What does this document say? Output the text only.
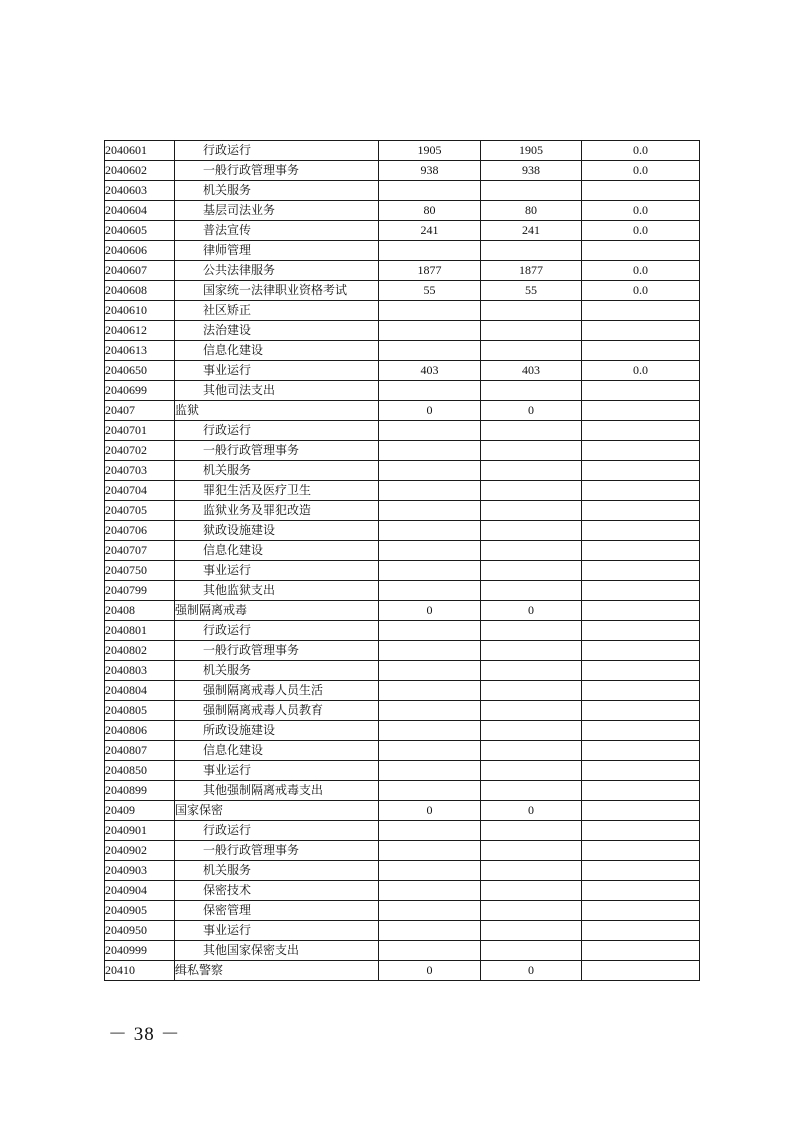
2040601	行政运行	1905	1905	0.0
2040602	一般行政管理事务	938	938	0.0
2040603	机关服务			
2040604	基层司法业务	80	80	0.0
2040605	普法宣传	241	241	0.0
2040606	律师管理			
2040607	公共法律服务	1877	1877	0.0
2040608	国家统一法律职业资格考试	55	55	0.0
2040610	社区矫正			
2040612	法治建设			
2040613	信息化建设			
2040650	事业运行	403	403	0.0
2040699	其他司法支出			
20407	监狱	0	0	
2040701	行政运行			
2040702	一般行政管理事务			
2040703	机关服务			
2040704	罪犯生活及医疗卫生			
2040705	监狱业务及罪犯改造			
2040706	狱政设施建设			
2040707	信息化建设			
2040750	事业运行			
2040799	其他监狱支出			
20408	强制隔离戒毒	0	0	
2040801	行政运行			
2040802	一般行政管理事务			
2040803	机关服务			
2040804	强制隔离戒毒人员生活			
2040805	强制隔离戒毒人员教育			
2040806	所政设施建设			
2040807	信息化建设			
2040850	事业运行			
2040899	其他强制隔离戒毒支出			
20409	国家保密	0	0	
2040901	行政运行			
2040902	一般行政管理事务			
2040903	机关服务			
2040904	保密技术			
2040905	保密管理			
2040950	事业运行			
2040999	其他国家保密支出			
20410	缉私警察	0	0	
－ 38 －
